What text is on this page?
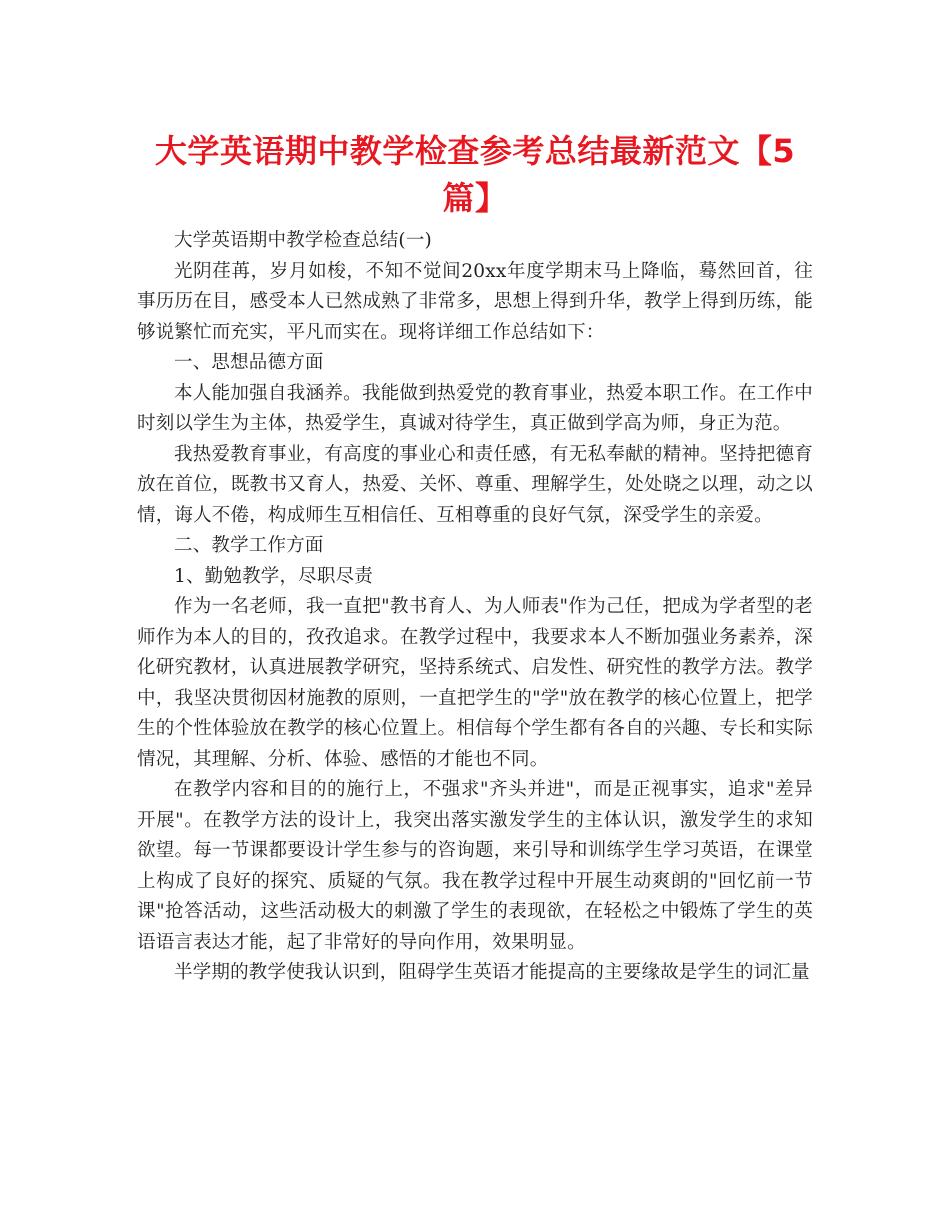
大学英语期中教学检查参考总结最新范文【5篇】

大学英语期中教学检查总结(一)

光阴荏苒，岁月如梭，不知不觉间20xx年度学期末马上降临，蓦然回首，往事历历在目，感受本人已然成熟了非常多，思想上得到升华，教学上得到历练，能够说繁忙而充实，平凡而实在。现将详细工作总结如下：

一、思想品德方面

本人能加强自我涵养。我能做到热爱党的教育事业，热爱本职工作。在工作中时刻以学生为主体，热爱学生，真诚对待学生，真正做到学高为师，身正为范。

我热爱教育事业，有高度的事业心和责任感，有无私奉献的精神。坚持把德育放在首位，既教书又育人，热爱、关怀、尊重、理解学生，处处晓之以理，动之以情，诲人不倦，构成师生互相信任、互相尊重的良好气氛，深受学生的亲爱。

二、教学工作方面

1、勤勉教学，尽职尽责

作为一名老师，我一直把"教书育人、为人师表"作为己任，把成为学者型的老师作为本人的目的，孜孜追求。在教学过程中，我要求本人不断加强业务素养，深化研究教材，认真进展教学研究，坚持系统式、启发性、研究性的教学方法。教学中，我坚决贯彻因材施教的原则，一直把学生的"学"放在教学的核心位置上，把学生的个性体验放在教学的核心位置上。相信每个学生都有各自的兴趣、专长和实际情况，其理解、分析、体验、感悟的才能也不同。

在教学内容和目的的施行上，不强求"齐头并进"，而是正视事实，追求"差异开展"。在教学方法的设计上，我突出落实激发学生的主体认识，激发学生的求知欲望。每一节课都要设计学生参与的咨询题，来引导和训练学生学习英语，在课堂上构成了良好的探究、质疑的气氛。我在教学过程中开展生动爽朗的"回忆前一节课"抢答活动，这些活动极大的刺激了学生的表现欲，在轻松之中锻炼了学生的英语语言表达才能，起了非常好的导向作用，效果明显。

半学期的教学使我认识到，阻碍学生英语才能提高的主要缘故是学生的词汇量
